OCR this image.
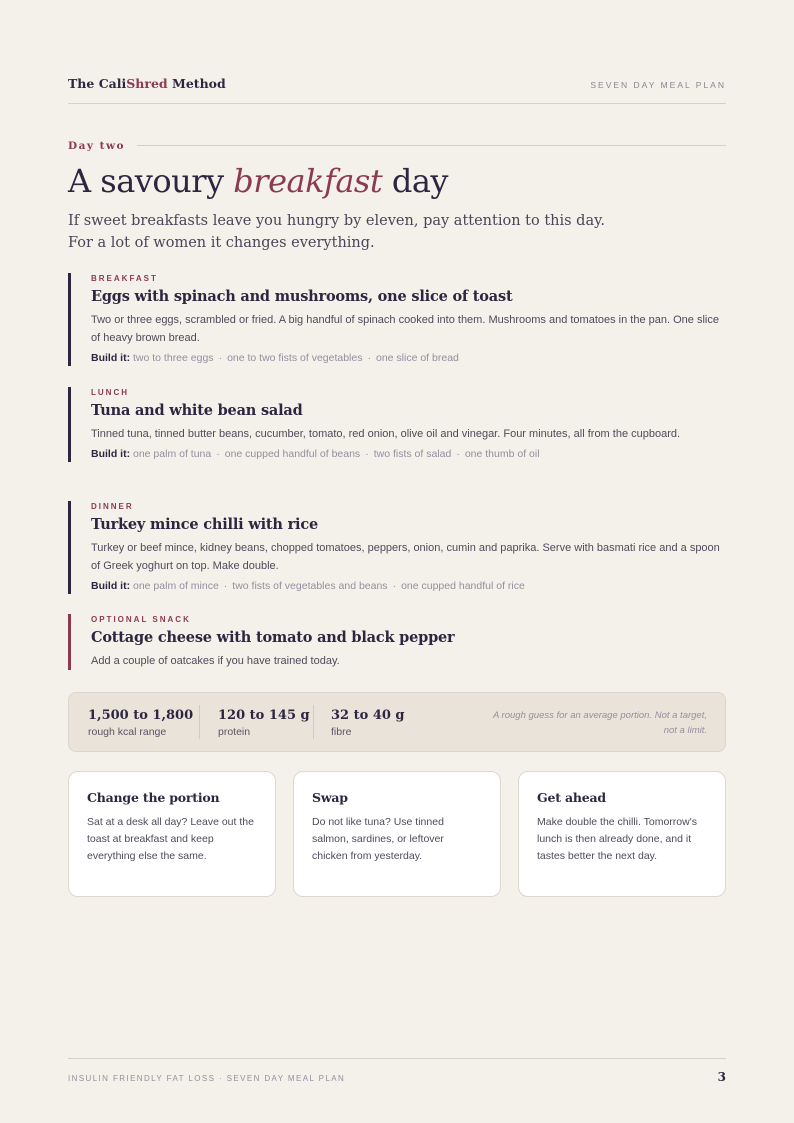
The CaliShred Method	SEVEN DAY MEAL PLAN
Day two
A savoury breakfast day
If sweet breakfasts leave you hungry by eleven, pay attention to this day.
For a lot of women it changes everything.
BREAKFAST
Eggs with spinach and mushrooms, one slice of toast
Two or three eggs, scrambled or fried. A big handful of spinach cooked into them. Mushrooms and tomatoes in the pan. One slice of heavy brown bread.
Build it: two to three eggs · one to two fists of vegetables · one slice of bread
LUNCH
Tuna and white bean salad
Tinned tuna, tinned butter beans, cucumber, tomato, red onion, olive oil and vinegar. Four minutes, all from the cupboard.
Build it: one palm of tuna · one cupped handful of beans · two fists of salad · one thumb of oil
DINNER
Turkey mince chilli with rice
Turkey or beef mince, kidney beans, chopped tomatoes, peppers, onion, cumin and paprika. Serve with basmati rice and a spoon of Greek yoghurt on top. Make double.
Build it: one palm of mince · two fists of vegetables and beans · one cupped handful of rice
OPTIONAL SNACK
Cottage cheese with tomato and black pepper
Add a couple of oatcakes if you have trained today.
1,500 to 1,800
rough kcal range
120 to 145 g
protein
32 to 40 g
fibre
A rough guess for an average portion. Not a target, not a limit.
Change the portion
Sat at a desk all day? Leave out the toast at breakfast and keep everything else the same.
Swap
Do not like tuna? Use tinned salmon, sardines, or leftover chicken from yesterday.
Get ahead
Make double the chilli. Tomorrow's lunch is then already done, and it tastes better the next day.
INSULIN FRIENDLY FAT LOSS · SEVEN DAY MEAL PLAN	3
